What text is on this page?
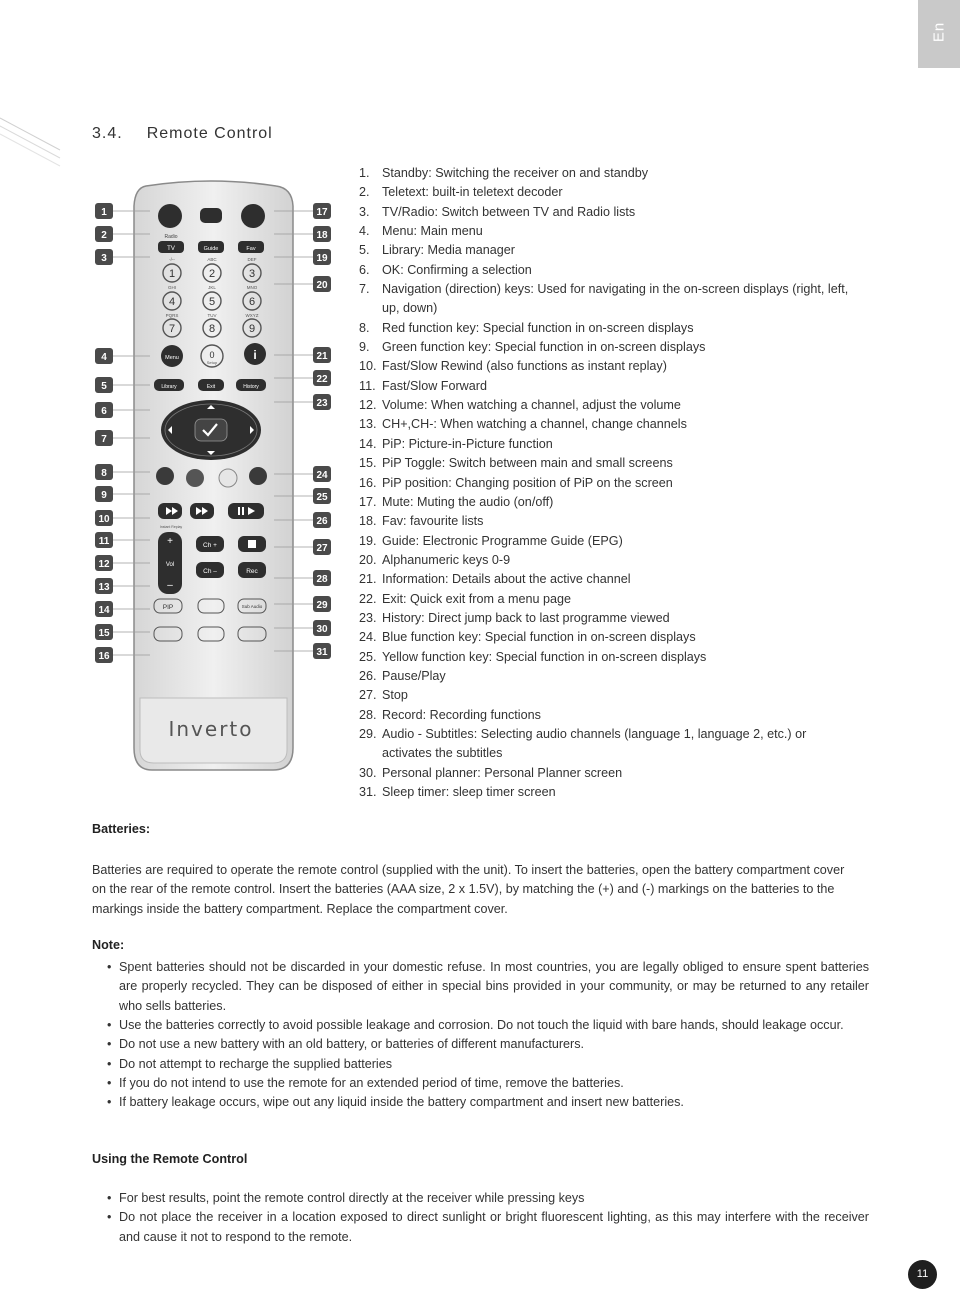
En
3.4. Remote Control
Radio
TV	Guide	Fav
1	2	3
4	5	6
7	8	9
-/--	ABC	DEF
GHI	JKL	MNO
PQRS	TUV	WXYZ
Menu	0
Setup
i
Library	Exit	History
Instant Replay
+
Vol
–
Ch +
Ch –	Rec
PIP	Sub Audio
Inverto
1
2
3
4
5
6
7
8
9
10
11
12
13
14
15
16
17
18
19
20
21
22
23
24
25
26
27
28
29
30
31
1. Standby: Switching the receiver on and standby
2. Teletext: built-in teletext decoder
3. TV/Radio: Switch between TV and Radio lists
4. Menu: Main menu
5. Library: Media manager
6. OK: Confirming a selection
7. Navigation (direction) keys: Used for navigating in the on-screen displays (right, left, up, down)
8. Red function key: Special function in on-screen displays
9. Green function key: Special function in on-screen displays
10. Fast/Slow Rewind (also functions as instant replay)
11. Fast/Slow Forward
12. Volume: When watching a channel, adjust the volume
13. CH+,CH-: When watching a channel, change channels
14. PiP: Picture-in-Picture function
15. PiP Toggle: Switch between main and small screens
16. PiP position: Changing position of PiP on the screen
17. Mute: Muting the audio (on/off)
18. Fav: favourite lists
19. Guide: Electronic Programme Guide (EPG)
20. Alphanumeric keys 0-9
21. Information: Details about the active channel
22. Exit: Quick exit from a menu page
23. History: Direct jump back to last programme viewed
24. Blue function key: Special function in on-screen displays
25. Yellow function key: Special function in on-screen displays
26. Pause/Play
27. Stop
28. Record: Recording functions
29. Audio - Subtitles: Selecting audio channels (language 1, language 2, etc.) or activates the subtitles
30. Personal planner: Personal Planner screen
31. Sleep timer: sleep timer screen
Batteries:

Batteries are required to operate the remote control (supplied with the unit). To insert the batteries, open the battery compartment cover on the rear of the remote control. Insert the batteries (AAA size, 2 x 1.5V), by matching the (+) and (-) markings on the batteries to the markings inside the battery compartment. Replace the compartment cover.

Note:
• Spent batteries should not be discarded in your domestic refuse. In most countries, you are legally obliged to ensure spent batteries are properly recycled. They can be disposed of either in special bins provided in your community, or may be returned to any retailer who sells batteries.
• Use the batteries correctly to avoid possible leakage and corrosion. Do not touch the liquid with bare hands, should leakage occur.
• Do not use a new battery with an old battery, or batteries of different manufacturers.
• Do not attempt to recharge the supplied batteries
• If you do not intend to use the remote for an extended period of time, remove the batteries.
• If battery leakage occurs, wipe out any liquid inside the battery compartment and insert new batteries.
Using the Remote Control
• For best results, point the remote control directly at the receiver while pressing keys
• Do not place the receiver in a location exposed to direct sunlight or bright fluorescent lighting, as this may interfere with the receiver and cause it not to respond to the remote.
11
